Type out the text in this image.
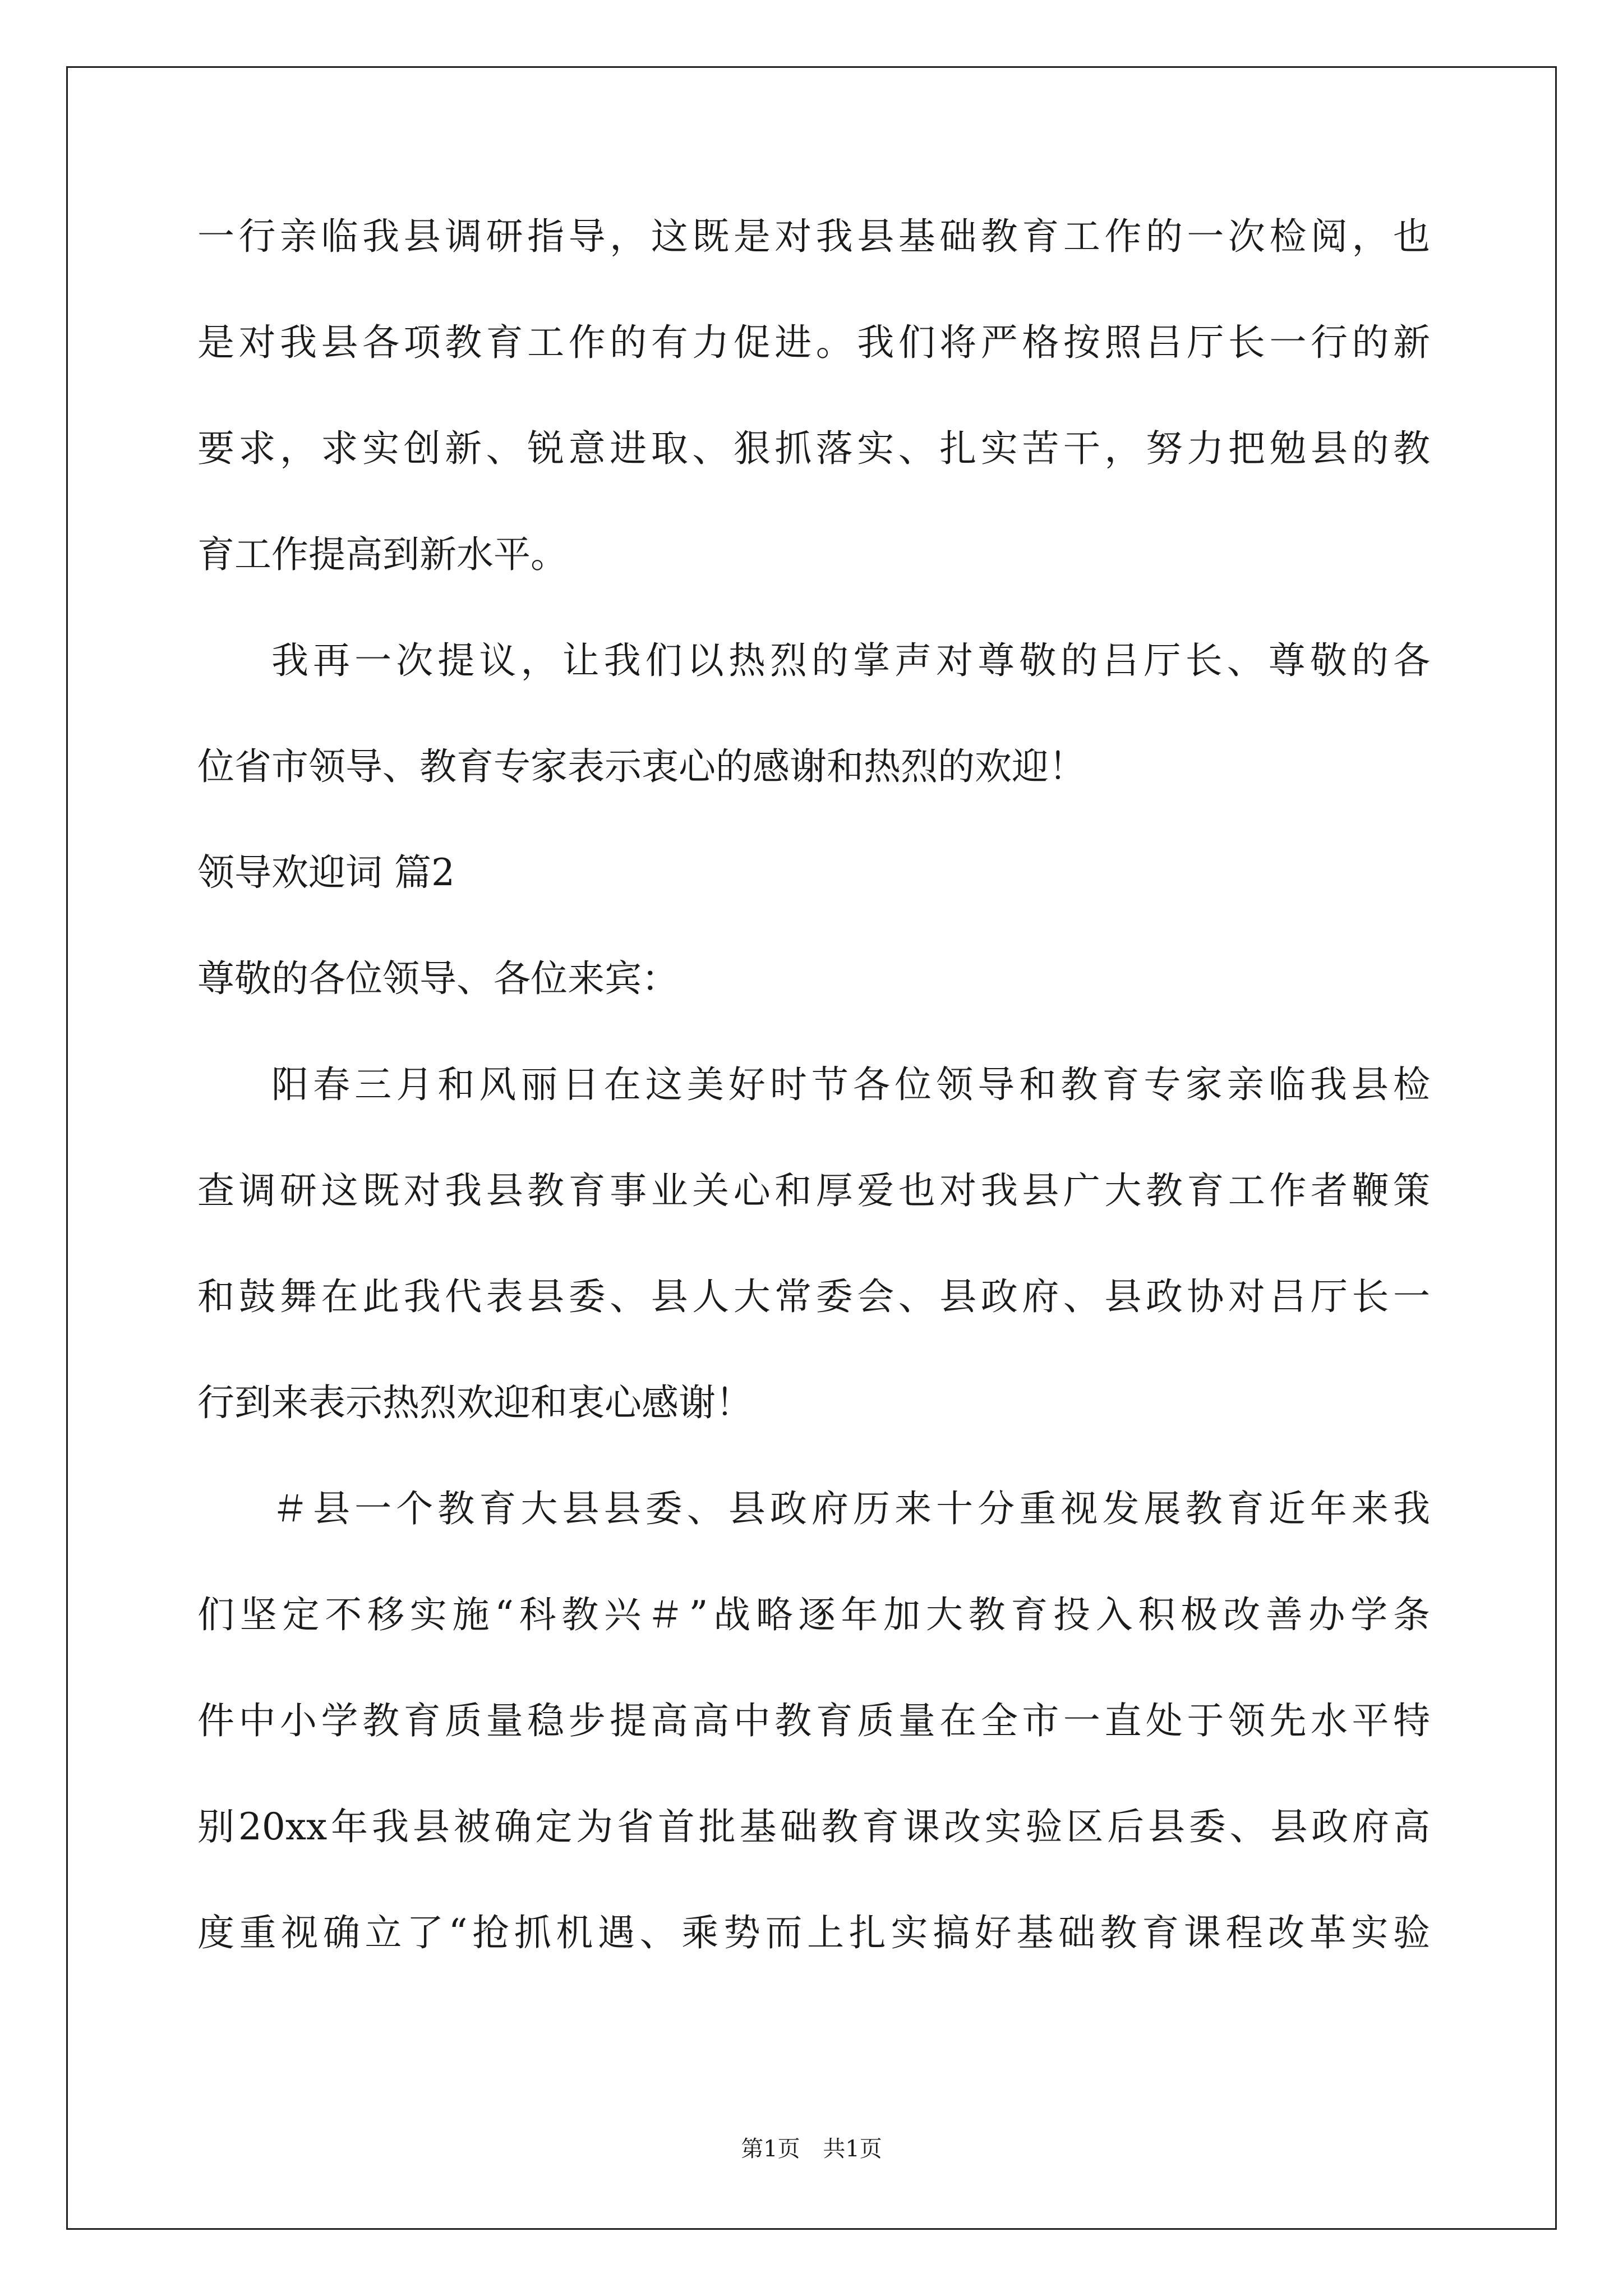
一行亲临我县调研指导，这既是对我县基础教育工作的一次检阅，也
是对我县各项教育工作的有力促进。我们将严格按照吕厅长一行的新
要求，求实创新、锐意进取、狠抓落实、扎实苦干，努力把勉县的教
育工作提高到新水平。
我再一次提议，让我们以热烈的掌声对尊敬的吕厅长、尊敬的各
位省市领导、教育专家表示衷心的感谢和热烈的欢迎！
领导欢迎词 篇2
尊敬的各位领导、各位来宾：
阳春三月和风丽日在这美好时节各位领导和教育专家亲临我县检
查调研这既对我县教育事业关心和厚爱也对我县广大教育工作者鞭策
和鼓舞在此我代表县委、县人大常委会、县政府、县政协对吕厅长一
行到来表示热烈欢迎和衷心感谢！
＃县一个教育大县县委、县政府历来十分重视发展教育近年来我
们坚定不移实施“科教兴＃”战略逐年加大教育投入积极改善办学条
件中小学教育质量稳步提高高中教育质量在全市一直处于领先水平特
别20xx年我县被确定为省首批基础教育课改实验区后县委、县政府高
度重视确立了“抢抓机遇、乘势而上扎实搞好基础教育课程改革实验
第1页 共1页
